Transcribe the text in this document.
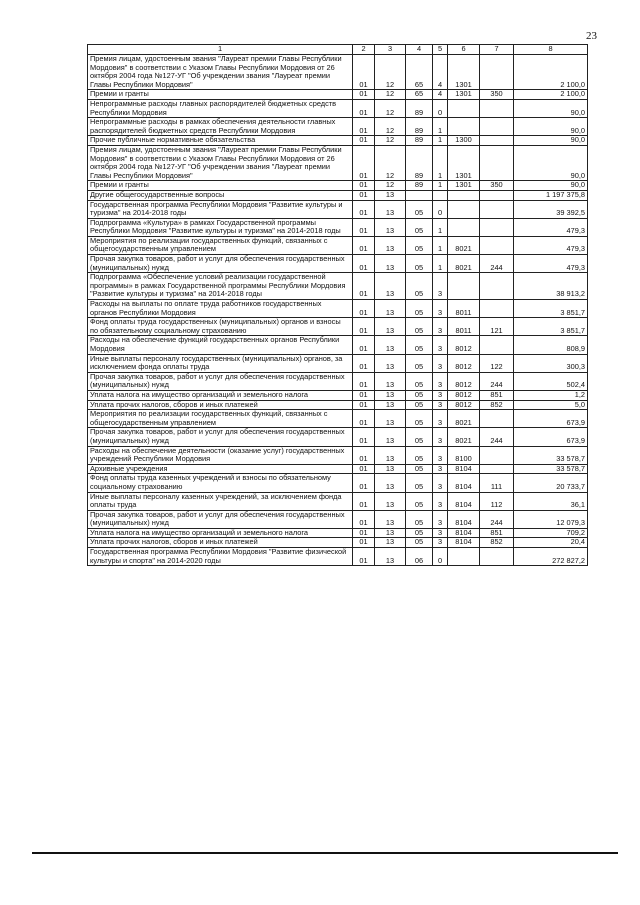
23
1	2	3	4	5	6	7	8
Премия лицам, удостоенным звания "Лауреат премии Главы Республики Мордовия" в соответствии с Указом Главы Республики Мордовия от 26 октября 2004 года №127-УГ "Об учреждении звания "Лауреат премии Главы Республики Мордовия"	01	12	65	4	1301		2 100,0
Премии и гранты	01	12	65	4	1301	350	2 100,0
Непрограммные расходы главных распорядителей бюджетных средств Республики Мордовия	01	12	89	0			90,0
Непрограммные расходы в рамках обеспечения деятельности главных распорядителей бюджетных средств Республики Мордовия	01	12	89	1			90,0
Прочие публичные нормативные обязательства	01	12	89	1	1300		90,0
Премия лицам, удостоенным звания "Лауреат премии Главы Республики Мордовия" в соответствии с Указом Главы Республики Мордовия от 26 октября 2004 года №127-УГ "Об учреждении звания "Лауреат премии Главы Республики Мордовия"	01	12	89	1	1301		90,0
Премии и гранты	01	12	89	1	1301	350	90,0
Другие общегосударственные вопросы	01	13					1 197 375,8
Государственная программа Республики Мордовия "Развитие культуры и туризма" на 2014-2018 годы	01	13	05	0			39 392,5
Подпрограмма «Культура» в рамках Государственной программы Республики Мордовия "Развитие культуры и туризма" на 2014-2018 годы	01	13	05	1			479,3
Мероприятия по реализации государственных функций, связанных с общегосударственным управлением	01	13	05	1	8021		479,3
Прочая закупка товаров, работ и услуг для обеспечения государственных (муниципальных) нужд	01	13	05	1	8021	244	479,3
Подпрограмма «Обеспечение условий реализации государственной программы» в рамках Государственной программы Республики Мордовия "Развитие культуры и туризма" на 2014-2018 годы	01	13	05	3			38 913,2
Расходы на выплаты по оплате труда работников государственных органов Республики Мордовия	01	13	05	3	8011		3 851,7
Фонд оплаты труда государственных (муниципальных) органов и взносы по обязательному социальному страхованию	01	13	05	3	8011	121	3 851,7
Расходы на обеспечение функций государственных органов Республики Мордовия	01	13	05	3	8012		808,9
Иные выплаты персоналу государственных (муниципальных) органов, за исключением фонда оплаты труда	01	13	05	3	8012	122	300,3
Прочая закупка товаров, работ и услуг для обеспечения государственных (муниципальных) нужд	01	13	05	3	8012	244	502,4
Уплата налога на имущество организаций и земельного налога	01	13	05	3	8012	851	1,2
Уплата прочих налогов, сборов и иных платежей	01	13	05	3	8012	852	5,0
Мероприятия по реализации государственных функций, связанных с общегосударственным управлением	01	13	05	3	8021		673,9
Прочая закупка товаров, работ и услуг для обеспечения государственных (муниципальных) нужд	01	13	05	3	8021	244	673,9
Расходы на обеспечение деятельности (оказание услуг) государственных учреждений Республики Мордовия	01	13	05	3	8100		33 578,7
Архивные учреждения	01	13	05	3	8104		33 578,7
Фонд оплаты труда казенных учреждений и взносы по обязательному социальному страхованию	01	13	05	3	8104	111	20 733,7
Иные выплаты персоналу казенных учреждений, за исключением фонда оплаты труда	01	13	05	3	8104	112	36,1
Прочая закупка товаров, работ и услуг для обеспечения государственных (муниципальных) нужд	01	13	05	3	8104	244	12 079,3
Уплата налога на имущество организаций и земельного налога	01	13	05	3	8104	851	709,2
Уплата прочих налогов, сборов и иных платежей	01	13	05	3	8104	852	20,4
Государственная программа Республики Мордовия "Развитие физической культуры и спорта" на 2014-2020 годы	01	13	06	0			272 827,2
